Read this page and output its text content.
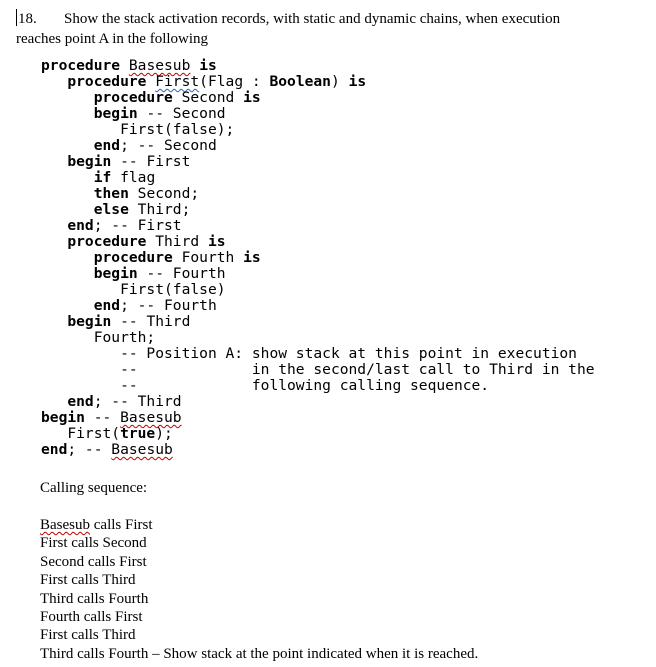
18. Show the stack activation records, with static and dynamic chains, when execution
reaches point A in the following
procedure Basesub is
procedure First(Flag : Boolean) is
procedure Second is
begin -- Second
First(false);
end; -- Second
begin -- First
if flag
then Second;
else Third;
end; -- First
procedure Third is
procedure Fourth is
begin -- Fourth
First(false)
end; -- Fourth
begin -- Third
Fourth;
-- Position A: show stack at this point in execution
--             in the second/last call to Third in the
--             following calling sequence.
end; -- Third
begin -- Basesub
First(true);
end; -- Basesub
Calling sequence:
Basesub calls First
First calls Second
Second calls First
First calls Third
Third calls Fourth
Fourth calls First
First calls Third
Third calls Fourth – Show stack at the point indicated when it is reached.
